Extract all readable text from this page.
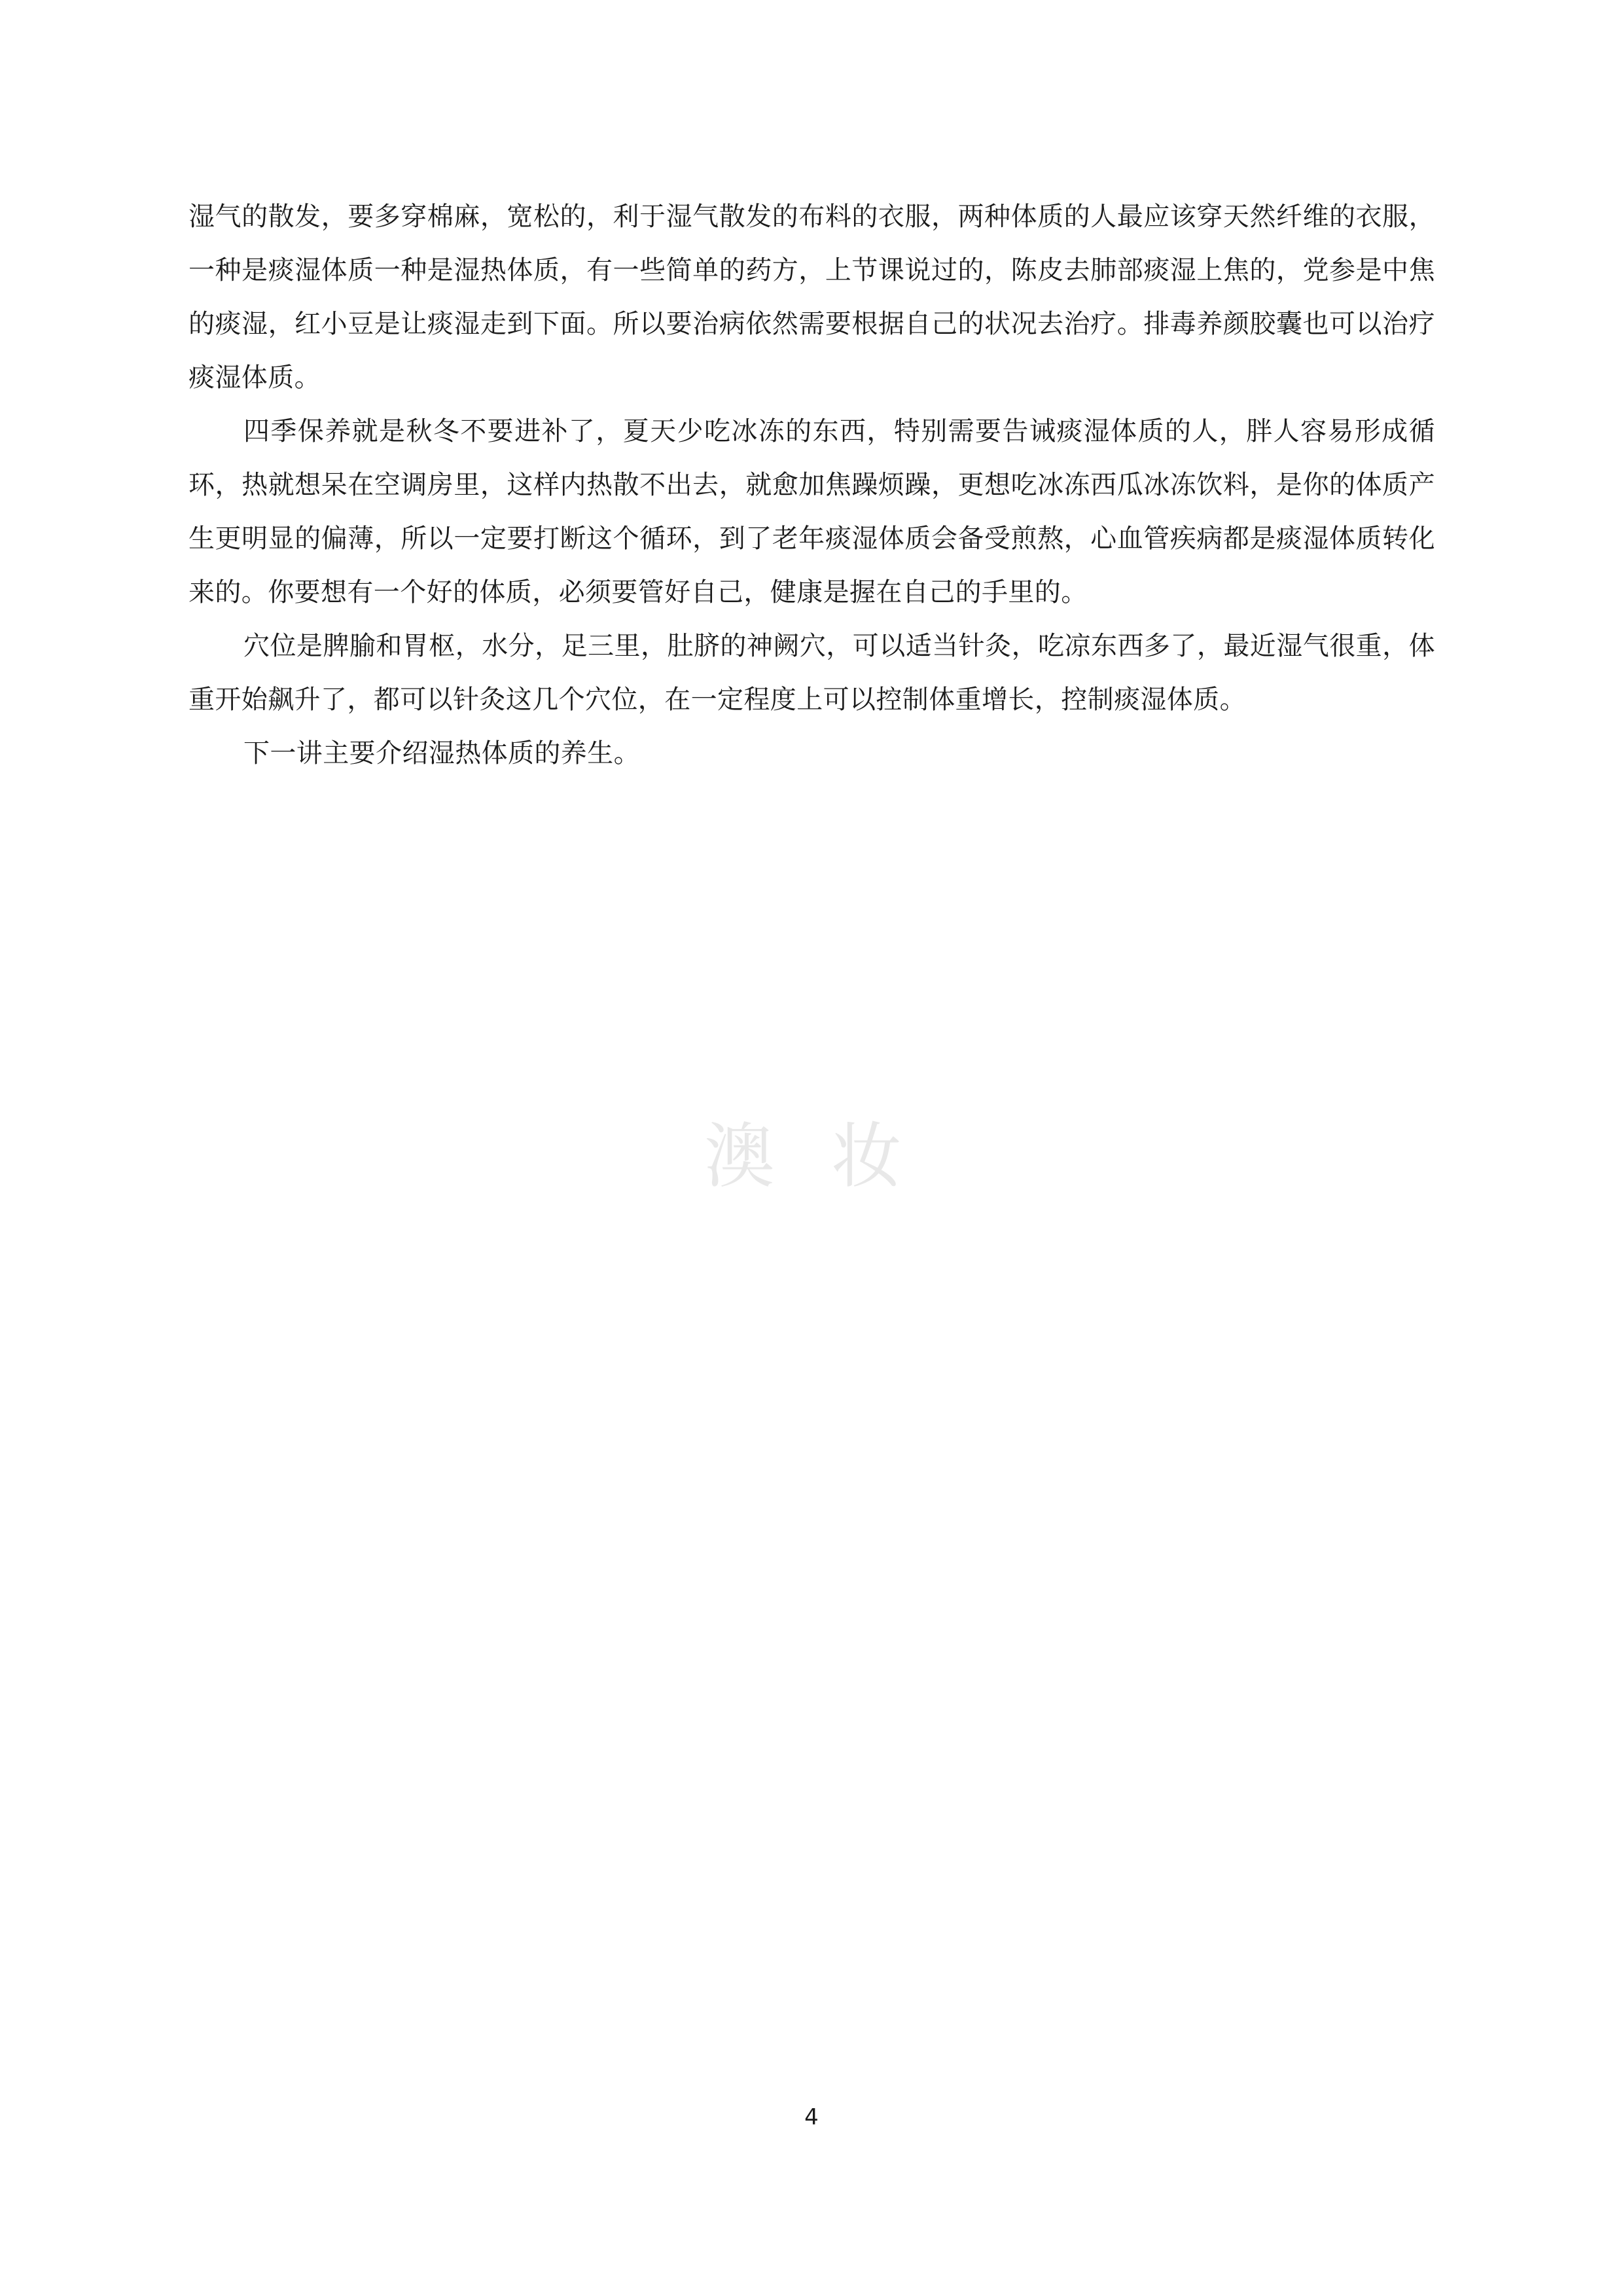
湿气的散发，要多穿棉麻，宽松的，利于湿气散发的布料的衣服，两种体质的人最应该穿天然纤维的衣服，一种是痰湿体质一种是湿热体质，有一些简单的药方，上节课说过的，陈皮去肺部痰湿上焦的，党参是中焦的痰湿，红小豆是让痰湿走到下面。所以要治病依然需要根据自己的状况去治疗。排毒养颜胶囊也可以治疗痰湿体质。

四季保养就是秋冬不要进补了，夏天少吃冰冻的东西，特别需要告诫痰湿体质的人，胖人容易形成循环，热就想呆在空调房里，这样内热散不出去，就愈加焦躁烦躁，更想吃冰冻西瓜冰冻饮料，是你的体质产生更明显的偏薄，所以一定要打断这个循环，到了老年痰湿体质会备受煎熬，心血管疾病都是痰湿体质转化来的。你要想有一个好的体质，必须要管好自己，健康是握在自己的手里的。

穴位是脾腧和胃枢，水分，足三里，肚脐的神阙穴，可以适当针灸，吃凉东西多了，最近湿气很重，体重开始飙升了，都可以针灸这几个穴位，在一定程度上可以控制体重增长，控制痰湿体质。

下一讲主要介绍湿热体质的养生。

澳 妆
4
